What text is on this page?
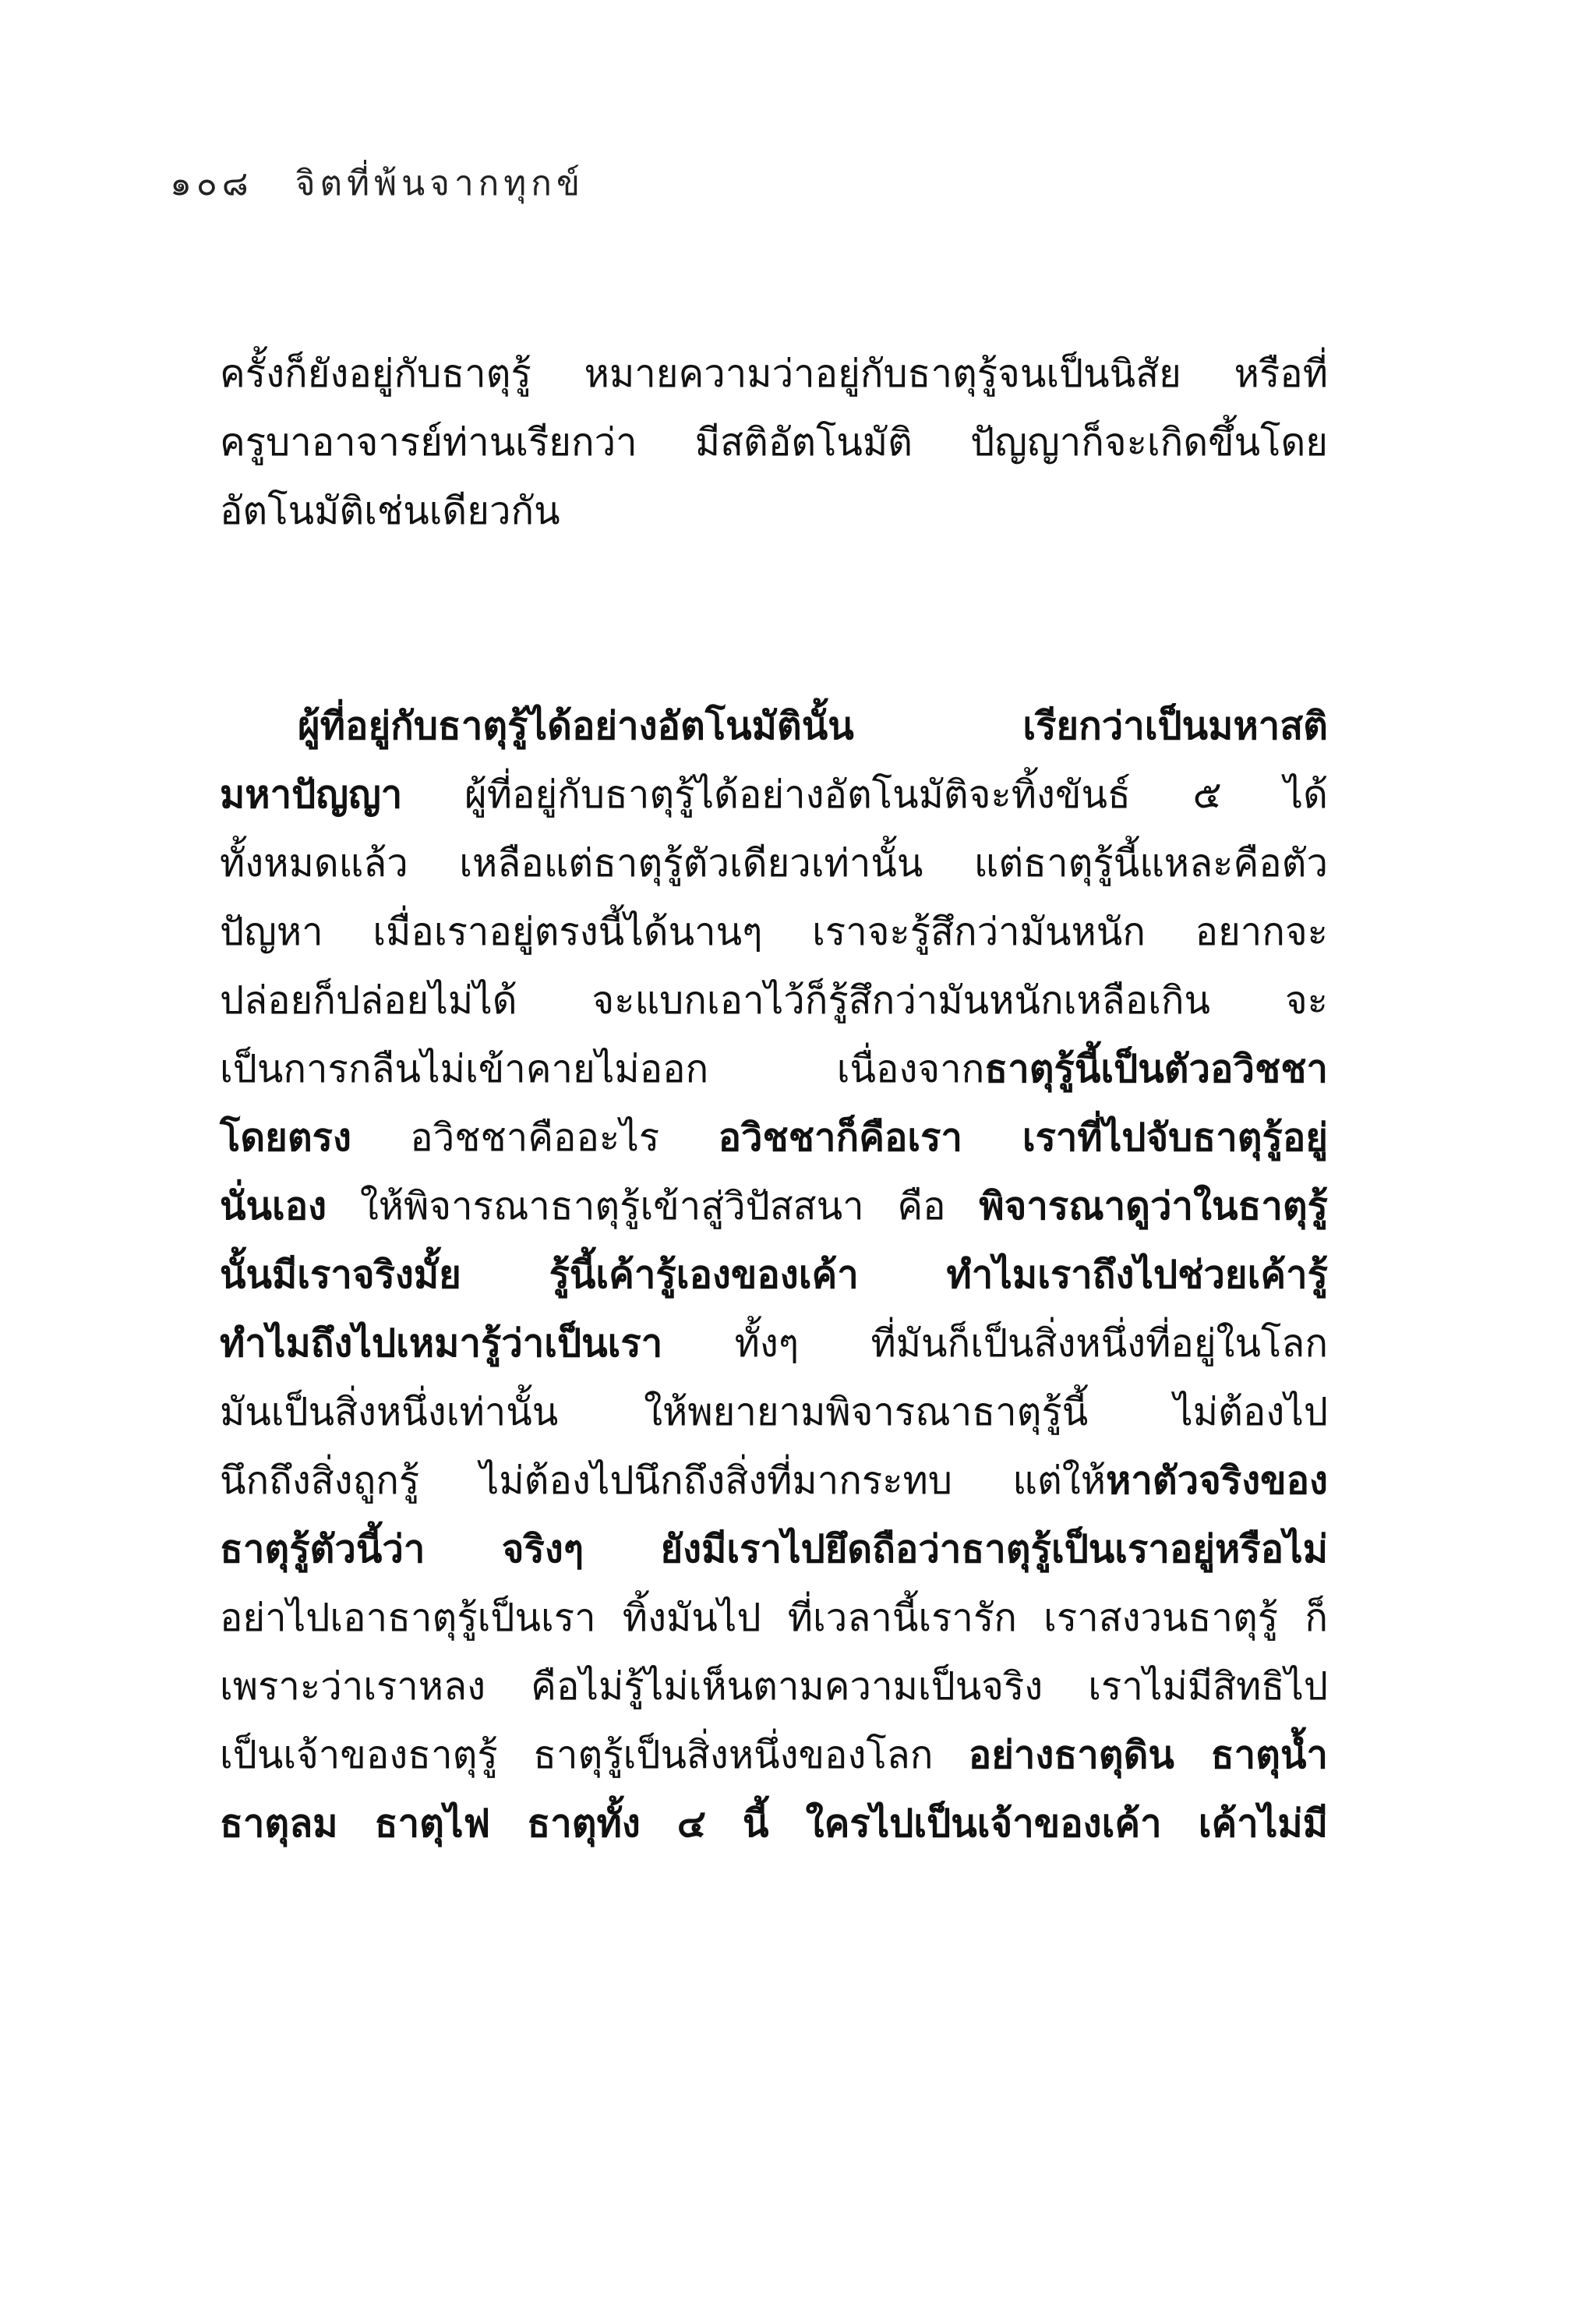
๑๐๘ จิตที่พ้นจากทุกข์
ครั้งก็ยังอยู่กับธาตุรู้ หมายความว่าอยู่กับธาตุรู้จนเป็นนิสัย หรือที่
ครูบาอาจารย์ท่านเรียกว่า มีสติอัตโนมัติ ปัญญาก็จะเกิดขึ้นโดย
อัตโนมัติเช่นเดียวกัน
ผู้ที่อยู่กับธาตุรู้ได้อย่างอัตโนมัตินั้น เรียกว่าเป็นมหาสติ
มหาปัญญา ผู้ที่อยู่กับธาตุรู้ได้อย่างอัตโนมัติจะทิ้งขันธ์ ๕ ได้
ทั้งหมดแล้ว เหลือแต่ธาตุรู้ตัวเดียวเท่านั้น แต่ธาตุรู้นี้แหละคือตัว
ปัญหา เมื่อเราอยู่ตรงนี้ได้นานๆ เราจะรู้สึกว่ามันหนัก อยากจะ
ปล่อยก็ปล่อยไม่ได้ จะแบกเอาไว้ก็รู้สึกว่ามันหนักเหลือเกิน จะ
เป็นการกลืนไม่เข้าคายไม่ออก เนื่องจากธาตุรู้นี้เป็นตัวอวิชชา
โดยตรง อวิชชาคืออะไร อวิชชาก็คือเรา เราที่ไปจับธาตุรู้อยู่
นั่นเอง ให้พิจารณาธาตุรู้เข้าสู่วิปัสสนา คือ พิจารณาดูว่าในธาตุรู้
นั้นมีเราจริงมั้ย รู้นี้เค้ารู้เองของเค้า ทำไมเราถึงไปช่วยเค้ารู้
ทำไมถึงไปเหมารู้ว่าเป็นเรา ทั้งๆ ที่มันก็เป็นสิ่งหนึ่งที่อยู่ในโลก
มันเป็นสิ่งหนึ่งเท่านั้น ให้พยายามพิจารณาธาตุรู้นี้ ไม่ต้องไป
นึกถึงสิ่งถูกรู้ ไม่ต้องไปนึกถึงสิ่งที่มากระทบ แต่ให้หาตัวจริงของ
ธาตุรู้ตัวนี้ว่า จริงๆ ยังมีเราไปยึดถือว่าธาตุรู้เป็นเราอยู่หรือไม่
อย่าไปเอาธาตุรู้เป็นเรา ทิ้งมันไป ที่เวลานี้เรารัก เราสงวนธาตุรู้ ก็
เพราะว่าเราหลง คือไม่รู้ไม่เห็นตามความเป็นจริง เราไม่มีสิทธิไป
เป็นเจ้าของธาตุรู้ ธาตุรู้เป็นสิ่งหนึ่งของโลก อย่างธาตุดิน ธาตุน้ำ
ธาตุลม ธาตุไฟ ธาตุทั้ง ๔ นี้ ใครไปเป็นเจ้าของเค้า เค้าไม่มี
